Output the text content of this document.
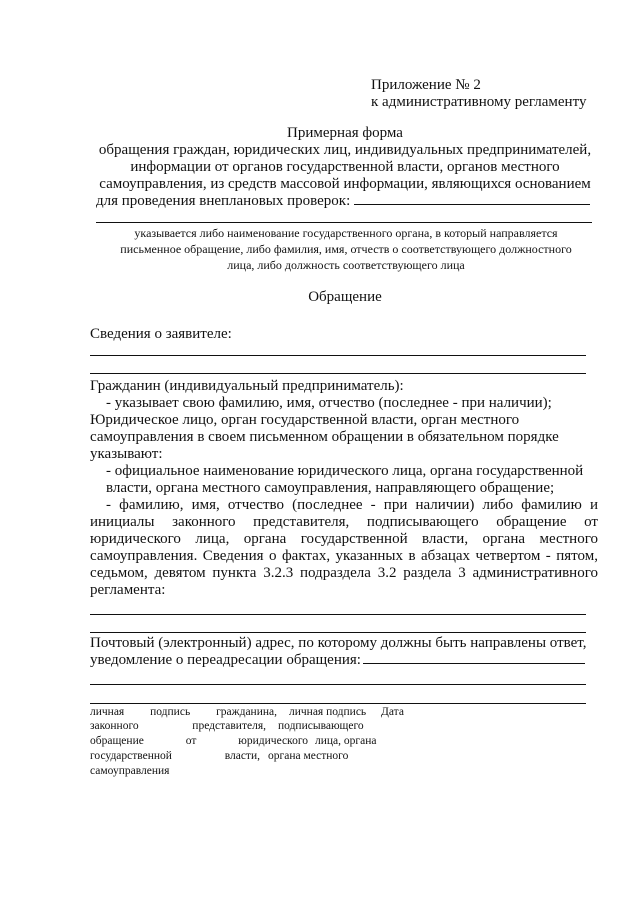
Приложение № 2
к административному регламенту
Примерная форма
обращения граждан, юридических лиц, индивидуальных предпринимателей,
информации от органов государственной власти, органов местного
самоуправления, из средств массовой информации, являющихся основанием
для проведения внеплановых проверок:
указывается либо наименование государственного органа, в который направляется
письменное обращение, либо фамилия, имя, отчеств о соответствующего должностного
лица, либо должность соответствующего лица
Обращение
Сведения о заявителе:
Гражданин (индивидуальный предприниматель):
- указывает свою фамилию, имя, отчество (последнее - при наличии);
Юридическое лицо, орган государственной власти, орган местного
самоуправления в своем письменном обращении в обязательном порядке
указывают:
- официальное наименование юридического лица, органа государственной
власти, органа местного самоуправления, направляющего обращение;
- фамилию, имя, отчество (последнее - при наличии) либо фамилию и
инициалы законного представителя, подписывающего обращение от
юридического лица, органа государственной власти, органа местного
самоуправления. Сведения о фактах, указанных в абзацах четвертом - пятом,
седьмом, девятом пункта 3.2.3 подраздела 3.2 раздела 3 административного
регламента:
Почтовый (электронный) адрес, по которому должны быть направлены ответ,
уведомление о переадресации обращения:
личная подпись гражданина, личная подпись Дата
законного представителя, подписывающего
обращение от юридического лица, органа
государственной власти, органа местного
самоуправления
